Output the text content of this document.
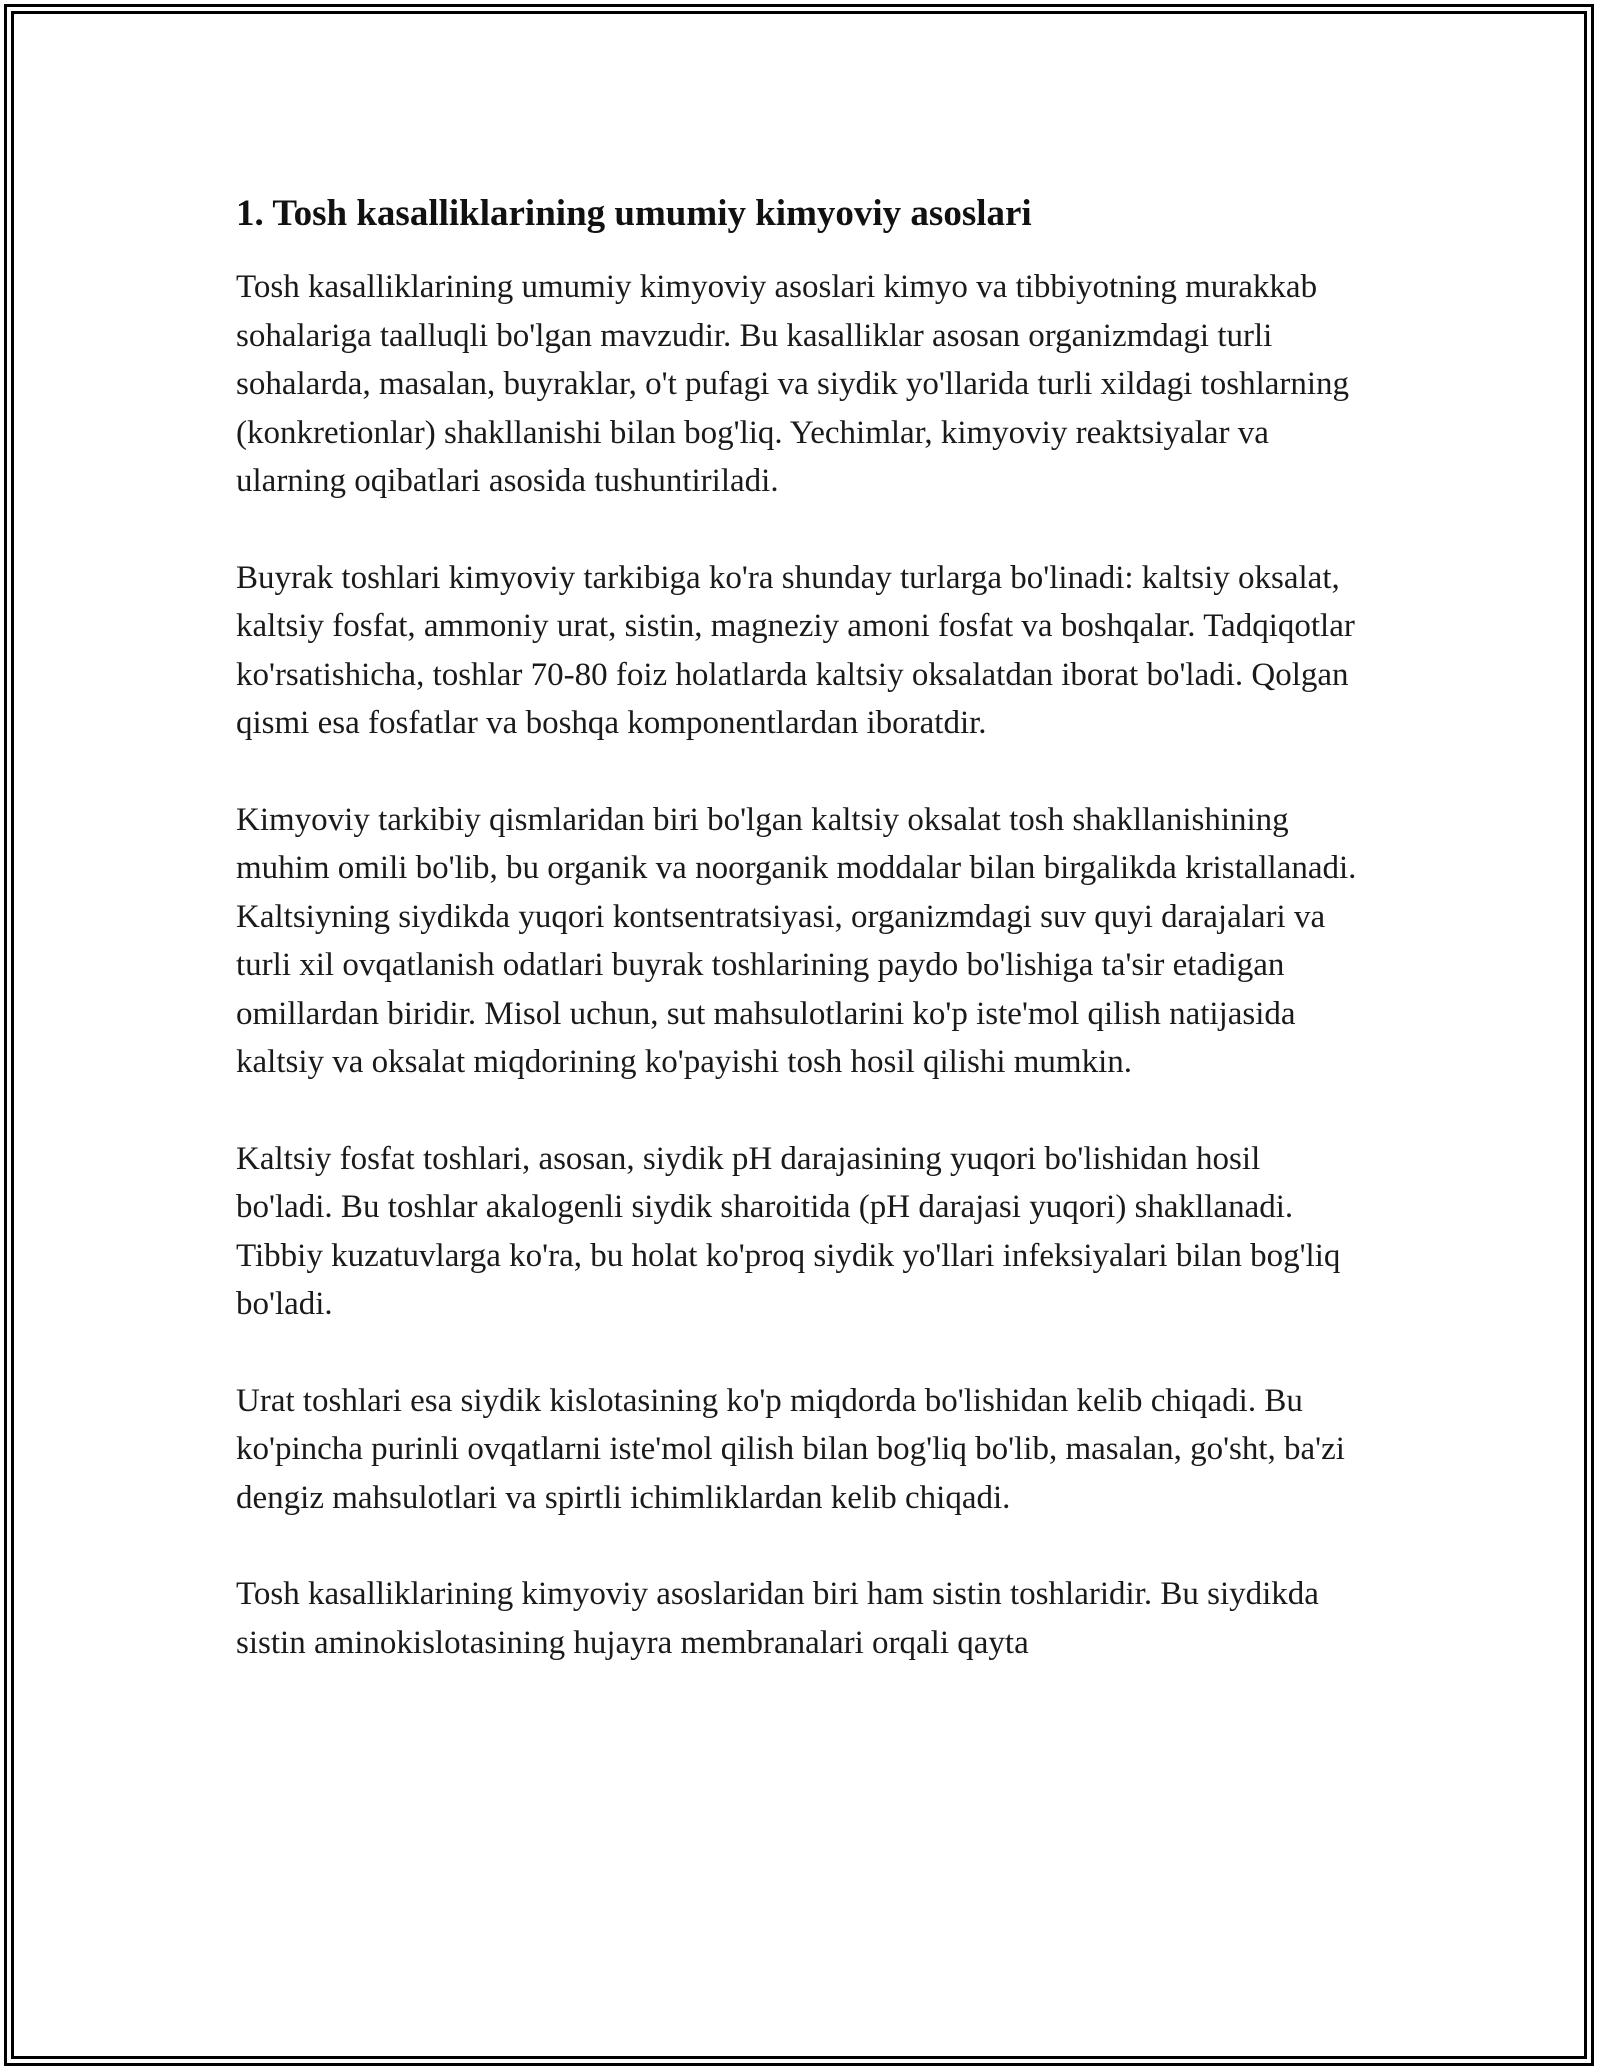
1. Tosh kasalliklarining umumiy kimyoviy asoslari

Tosh kasalliklarining umumiy kimyoviy asoslari kimyo va tibbiyotning murakkab sohalariga taalluqli bo'lgan mavzudir. Bu kasalliklar asosan organizmdagi turli sohalarda, masalan, buyraklar, o't pufagi va siydik yo'llarida turli xildagi toshlarning (konkretionlar) shakllanishi bilan bog'liq. Yechimlar, kimyoviy reaktsiyalar va ularning oqibatlari asosida tushuntiriladi.

Buyrak toshlari kimyoviy tarkibiga ko'ra shunday turlarga bo'linadi: kaltsiy oksalat, kaltsiy fosfat, ammoniy urat, sistin, magneziy amoni fosfat va boshqalar. Tadqiqotlar ko'rsatishicha, toshlar 70-80 foiz holatlarda kaltsiy oksalatdan iborat bo'ladi. Qolgan qismi esa fosfatlar va boshqa komponentlardan iboratdir.

Kimyoviy tarkibiy qismlaridan biri bo'lgan kaltsiy oksalat tosh shakllanishining muhim omili bo'lib, bu organik va noorganik moddalar bilan birgalikda kristallanadi. Kaltsiyning siydikda yuqori kontsentratsiyasi, organizmdagi suv quyi darajalari va turli xil ovqatlanish odatlari buyrak toshlarining paydo bo'lishiga ta'sir etadigan omillardan biridir. Misol uchun, sut mahsulotlarini ko'p iste'mol qilish natijasida kaltsiy va oksalat miqdorining ko'payishi tosh hosil qilishi mumkin.

Kaltsiy fosfat toshlari, asosan, siydik pH darajasining yuqori bo'lishidan hosil bo'ladi. Bu toshlar akalogenli siydik sharoitida (pH darajasi yuqori) shakllanadi. Tibbiy kuzatuvlarga ko'ra, bu holat ko'proq siydik yo'llari infeksiyalari bilan bog'liq bo'ladi.

Urat toshlari esa siydik kislotasining ko'p miqdorda bo'lishidan kelib chiqadi. Bu ko'pincha purinli ovqatlarni iste'mol qilish bilan bog'liq bo'lib, masalan, go'sht, ba'zi dengiz mahsulotlari va spirtli ichimliklardan kelib chiqadi.

Tosh kasalliklarining kimyoviy asoslaridan biri ham sistin toshlaridir. Bu siydikda sistin aminokislotasining hujayra membranalari orqali qayta
